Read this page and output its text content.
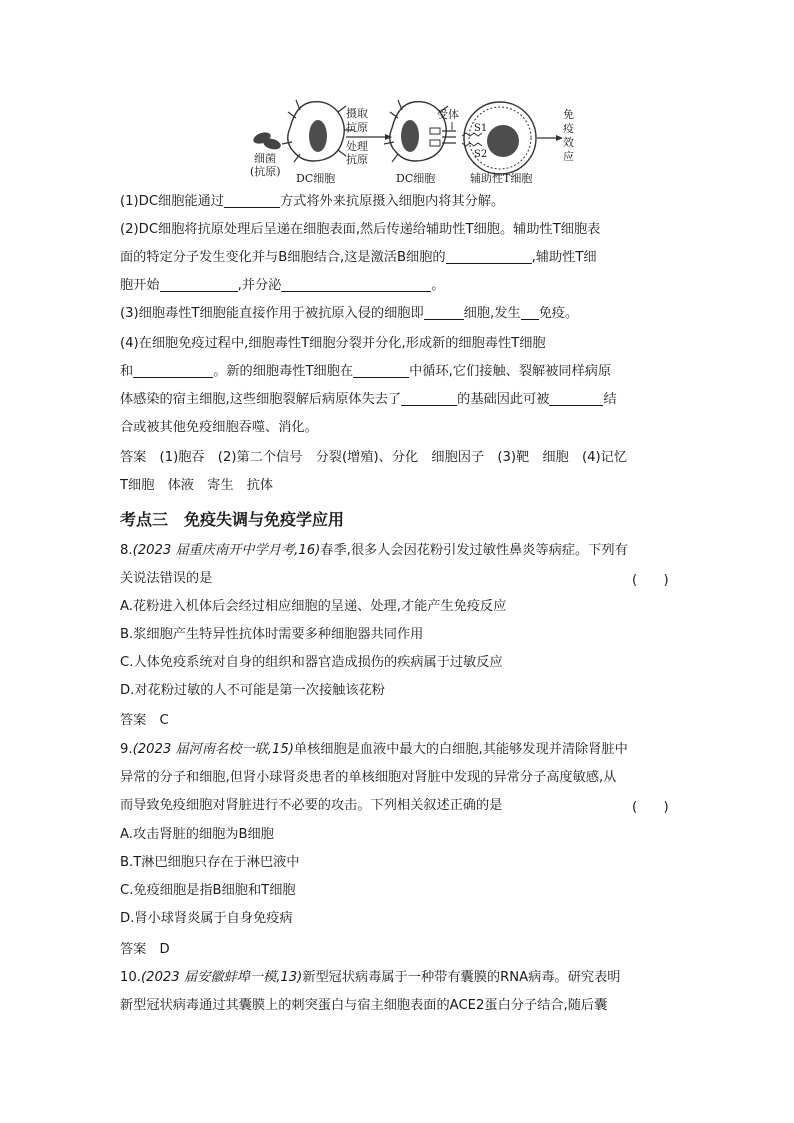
细菌
(抗原)
DC细胞
摄取
抗原
处理
抗原
DC细胞
受体
S1
S2
辅助性T细胞
免
疫
效
应
(1)DC细胞能通过	方式将外来抗原摄入细胞内将其分解。
(2)DC细胞将抗原处理后呈递在细胞表面,然后传递给辅助性T细胞。辅助性T细胞表
面的特定分子发生变化并与B细胞结合,这是激活B细胞的	,辅助性T细
胞开始	,并分泌	。
(3)细胞毒性T细胞能直接作用于被抗原入侵的细胞即	细胞,发生 免疫。
(4)在细胞免疫过程中,细胞毒性T细胞分裂并分化,形成新的细胞毒性T细胞
和	。新的细胞毒性T细胞在	中循环,它们接触、裂解被同样病原
体感染的宿主细胞,这些细胞裂解后病原体失去了	的基础因此可被	结
合或被其他免疫细胞吞噬、消化。
答案　(1)胞吞　(2)第二个信号　分裂(增殖)、分化　细胞因子　(3)靶　细胞　(4)记忆
T细胞　体液　寄生　抗体
考点三　免疫失调与免疫学应用
8.(2023 届重庆南开中学月考,16)春季,很多人会因花粉引发过敏性鼻炎等病症。下列有
关说法错误的是	(　　)
A.花粉进入机体后会经过相应细胞的呈递、处理,才能产生免疫反应
B.浆细胞产生特异性抗体时需要多种细胞器共同作用
C.人体免疫系统对自身的组织和器官造成损伤的疾病属于过敏反应
D.对花粉过敏的人不可能是第一次接触该花粉
答案　C
9.(2023 届河南名校一联,15)单核细胞是血液中最大的白细胞,其能够发现并清除肾脏中
异常的分子和细胞,但肾小球肾炎患者的单核细胞对肾脏中发现的异常分子高度敏感,从
而导致免疫细胞对肾脏进行不必要的攻击。下列相关叙述正确的是	(　　)
A.攻击肾脏的细胞为B细胞
B.T淋巴细胞只存在于淋巴液中
C.免疫细胞是指B细胞和T细胞
D.肾小球肾炎属于自身免疫病
答案　D
10.(2023 届安徽蚌埠一模,13)新型冠状病毒属于一种带有囊膜的RNA病毒。研究表明
新型冠状病毒通过其囊膜上的刺突蛋白与宿主细胞表面的ACE2蛋白分子结合,随后囊
